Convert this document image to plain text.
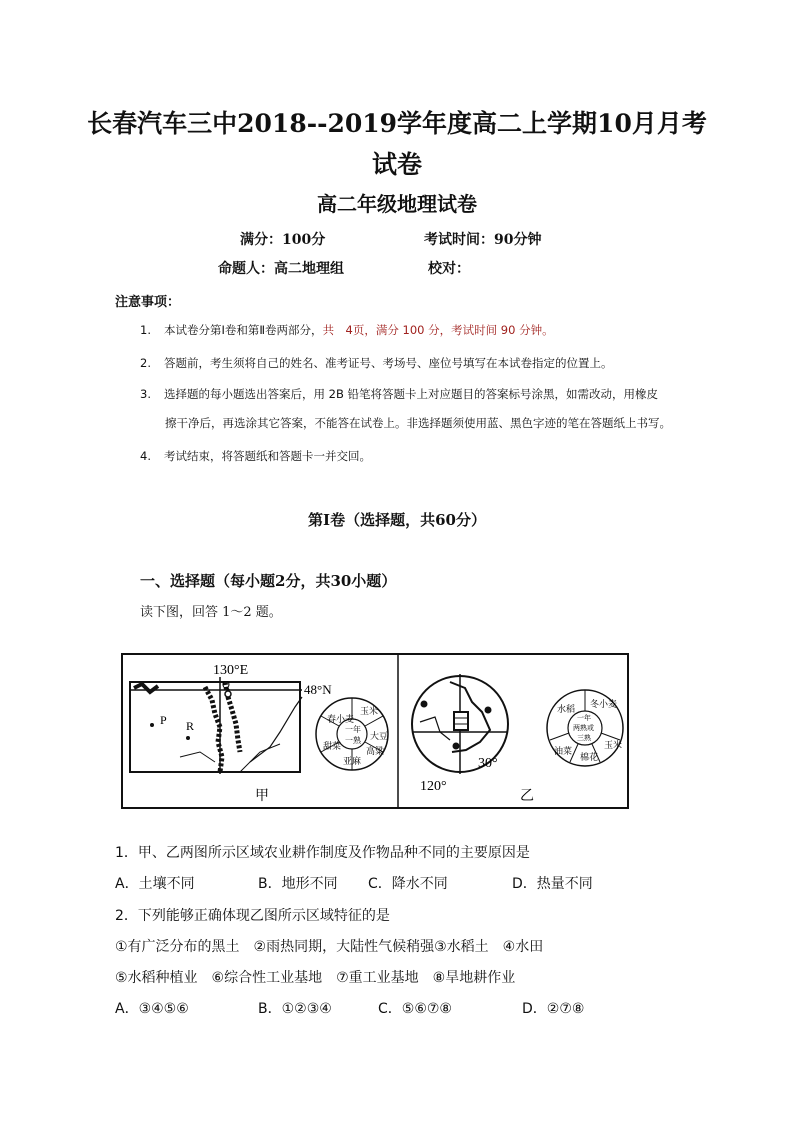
长春汽车三中2018--2019学年度高二上学期10月月考
试卷
高二年级地理试卷
满分：100分	考试时间：90分钟
命题人：高二地理组	校对：
注意事项：
1. 本试卷分第Ⅰ卷和第Ⅱ卷两部分，共　4页，满分 100 分，考试时间 90 分钟。
2. 答题前，考生须将自己的姓名、准考证号、考场号、座位号填写在本试卷指定的位置上。
3. 选择题的每小题选出答案后，用 2B 铅笔将答题卡上对应题目的答案标号涂黑，如需改动，用橡皮
擦干净后，再选涂其它答案，不能答在试卷上。非选择题须使用蓝、黑色字迹的笔在答题纸上书写。
4. 考试结束，将答题纸和答题卡一并交回。
第Ⅰ卷（选择题，共60分）
一、选择题（每小题2分，共30小题）
读下图，回答 1～2 题。
P R
Q
130°E
48°N
甲
一年
一熟
春小麦
玉米
大豆
甜菜
亚麻
高粱
30°
120°
乙
一年
两熟或
三熟
水稻 冬小麦
玉米
油菜
棉花
1．甲、乙两图所示区域农业耕作制度及作物品种不同的主要原因是
A．土壤不同	B．地形不同 C．降水不同	D．热量不同
2．下列能够正确体现乙图所示区域特征的是
①有广泛分布的黑土　②雨热同期，大陆性气候稍强③水稻土　④水田
⑤水稻种植业　⑥综合性工业基地　⑦重工业基地　⑧旱地耕作业
A．③④⑤⑥	B．①②③④	C．⑤⑥⑦⑧	D．②⑦⑧
